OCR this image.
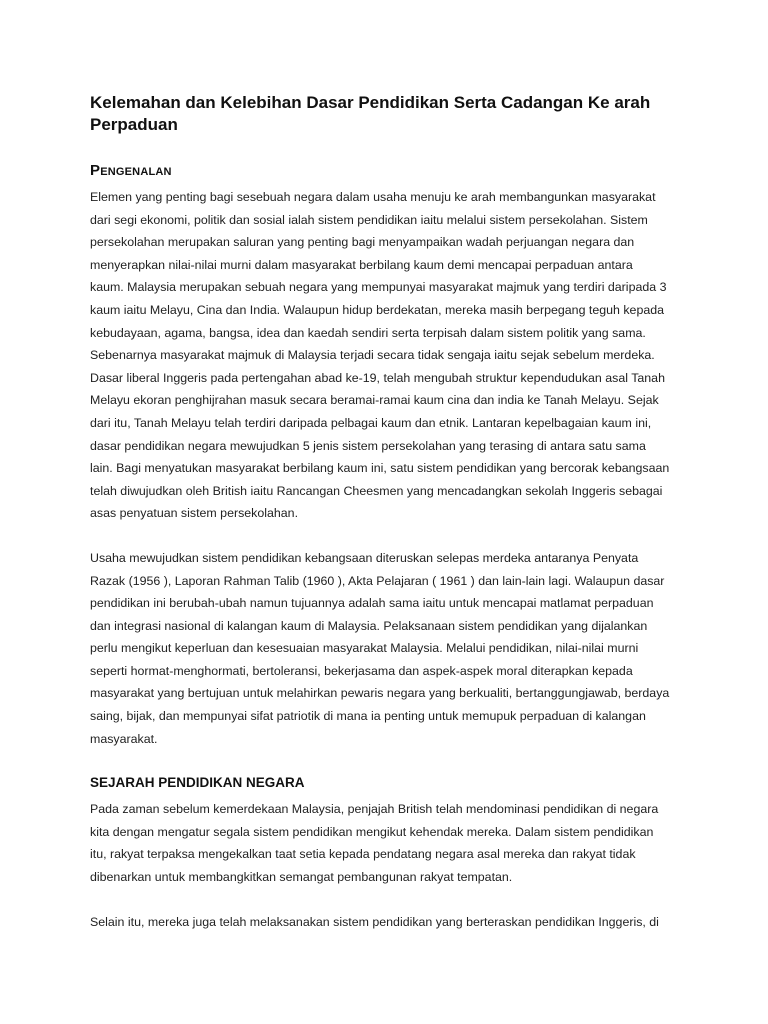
Kelemahan dan Kelebihan Dasar Pendidikan Serta Cadangan Ke arah
Perpaduan
Pengenalan

Elemen yang penting bagi sesebuah negara dalam usaha menuju ke arah membangunkan masyarakat
dari segi ekonomi, politik dan sosial ialah sistem pendidikan iaitu melalui sistem persekolahan. Sistem
persekolahan merupakan saluran yang penting bagi menyampaikan wadah perjuangan negara dan
menyerapkan nilai-nilai murni dalam masyarakat berbilang kaum demi mencapai perpaduan antara
kaum. Malaysia merupakan sebuah negara yang mempunyai masyarakat majmuk yang terdiri daripada 3
kaum iaitu Melayu, Cina dan India. Walaupun hidup berdekatan, mereka masih berpegang teguh kepada
kebudayaan, agama, bangsa, idea dan kaedah sendiri serta terpisah dalam sistem politik yang sama.
Sebenarnya masyarakat majmuk di Malaysia terjadi secara tidak sengaja iaitu sejak sebelum merdeka.
Dasar liberal Inggeris pada pertengahan abad ke-19, telah mengubah struktur kependudukan asal Tanah
Melayu ekoran penghijrahan masuk secara beramai-ramai kaum cina dan india ke Tanah Melayu. Sejak
dari itu, Tanah Melayu telah terdiri daripada pelbagai kaum dan etnik. Lantaran kepelbagaian kaum ini,
dasar pendidikan negara mewujudkan 5 jenis sistem persekolahan yang terasing di antara satu sama
lain. Bagi menyatukan masyarakat berbilang kaum ini, satu sistem pendidikan yang bercorak kebangsaan
telah diwujudkan oleh British iaitu Rancangan Cheesmen yang mencadangkan sekolah Inggeris sebagai
asas penyatuan sistem persekolahan.

Usaha mewujudkan sistem pendidikan kebangsaan diteruskan selepas merdeka antaranya Penyata
Razak (1956 ), Laporan Rahman Talib (1960 ), Akta Pelajaran ( 1961 ) dan lain-lain lagi. Walaupun dasar
pendidikan ini berubah-ubah namun tujuannya adalah sama iaitu untuk mencapai matlamat perpaduan
dan integrasi nasional di kalangan kaum di Malaysia. Pelaksanaan sistem pendidikan yang dijalankan
perlu mengikut keperluan dan kesesuaian masyarakat Malaysia. Melalui pendidikan, nilai-nilai murni
seperti hormat-menghormati, bertoleransi, bekerjasama dan aspek-aspek moral diterapkan kepada
masyarakat yang bertujuan untuk melahirkan pewaris negara yang berkualiti, bertanggungjawab, berdaya
saing, bijak, dan mempunyai sifat patriotik di mana ia penting untuk memupuk perpaduan di kalangan
masyarakat.

SEJARAH PENDIDIKAN NEGARA

Pada zaman sebelum kemerdekaan Malaysia, penjajah British telah mendominasi pendidikan di negara
kita dengan mengatur segala sistem pendidikan mengikut kehendak mereka. Dalam sistem pendidikan
itu, rakyat terpaksa mengekalkan taat setia kepada pendatang negara asal mereka dan rakyat tidak
dibenarkan untuk membangkitkan semangat pembangunan rakyat tempatan.

Selain itu, mereka juga telah melaksanakan sistem pendidikan yang berteraskan pendidikan Inggeris, di
